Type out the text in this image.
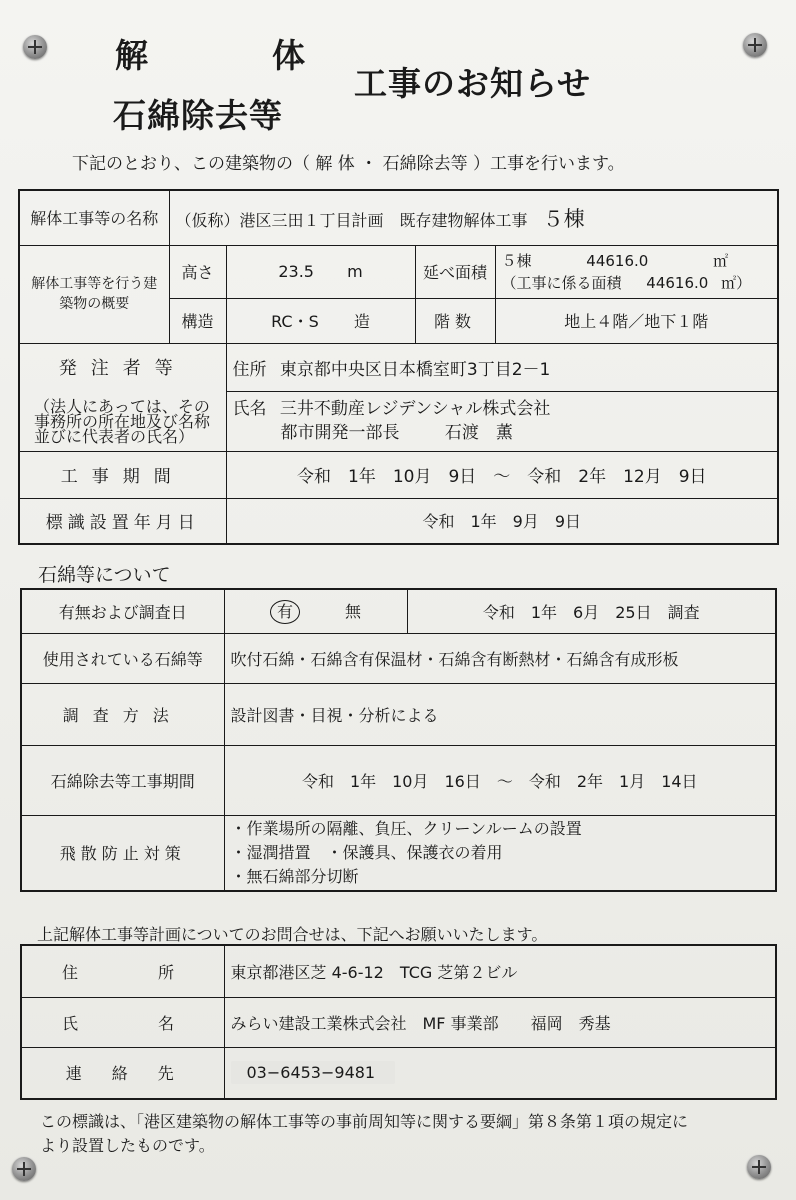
解	体
石綿除去等
工事のお知らせ
下記のとおり、この建築物の（ 解 体 ・ 石綿除去等 ）工事を行います。
解体工事等の名称	（仮称）港区三田１丁目計画　既存建物解体工事 ５棟			
解体工事等を行う建築物の概要	高さ	23.5 m	延べ面積	５棟 44616.0 ㎡
（工事に係る面積 44616.0 ㎡）

	構造	RC・S 造	階数	地上４階／地下１階
発注者等		住所 東京都中央区日本橋室町3丁目2－1		
（法人にあっては、その事務所の所在地及び名称並びに代表者の氏名）		氏名 三井不動産レジデンシャル株式会社
都市開発一部長 石渡　薫		

工事期間		令和　1年　10月　9日　～　令和　2年　12月　9日		
標識設置年月日		令和　1年　9月　9日		
石綿等について
有無および調査日	有 無	令和　1年　6月　25日　調査
使用されている石綿等	吹付石綿・石綿含有保温材・石綿含有断熱材・石綿含有成形板	
調査方法	設計図書・目視・分析による	
石綿除去等工事期間	令和　1年　10月　16日　～　令和　2年　1月　14日	
飛散防止対策	・作業場所の隔離、負圧、クリーンルームの設置
・湿潤措置　・保護具、保護衣の着用
・無石綿部分切断	
上記解体工事等計画についてのお問合せは、下記へお願いいたします。
住所	東京都港区芝 4-6-12　TCG 芝第２ビル
氏名	みらい建設工業株式会社　MF 事業部　　福岡　秀基
連絡先	03−6453−9481
この標識は、「港区建築物の解体工事等の事前周知等に関する要綱」第８条第１項の規定に
より設置したものです。
